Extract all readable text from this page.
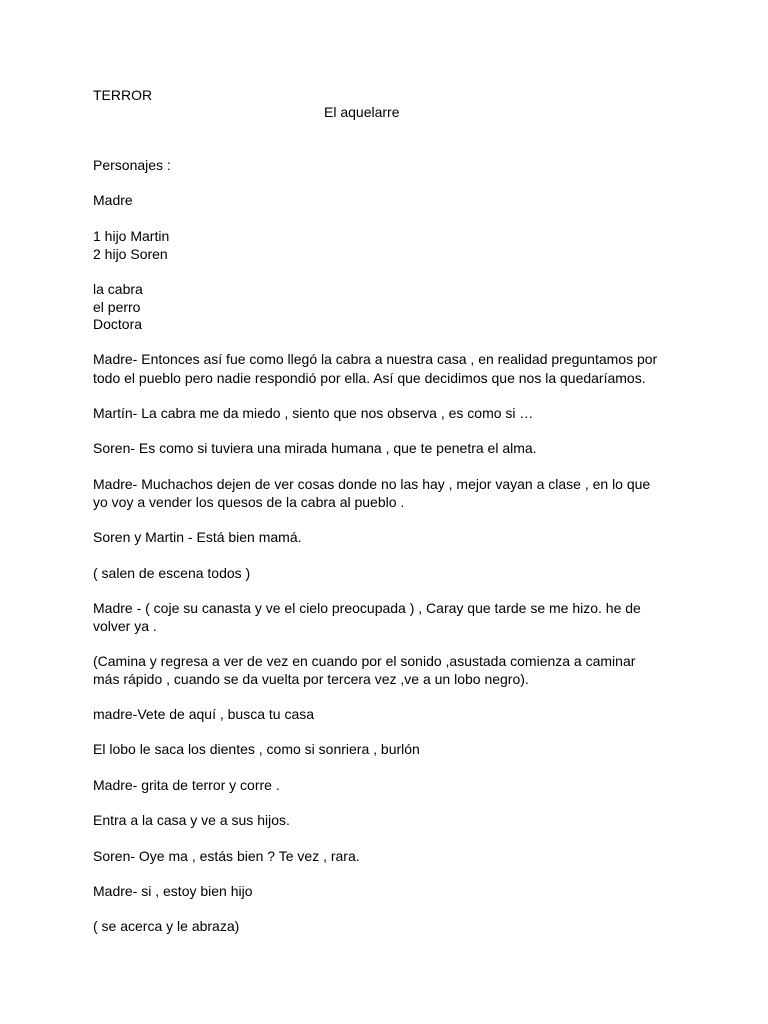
TERROR
El aquelarre
Personajes :
Madre
1 hijo Martin
2 hijo Soren
la cabra
el perro
Doctora
Madre- Entonces así fue como llegó la cabra a nuestra casa , en realidad preguntamos por
todo el pueblo pero nadie respondió por ella. Así que decidimos que nos la quedaríamos.
Martín- La cabra me da miedo , siento que nos observa , es como si …
Soren- Es como si tuviera una mirada humana , que te penetra el alma.
Madre- Muchachos dejen de ver cosas donde no las hay , mejor vayan a clase , en lo que
yo voy a vender los quesos de la cabra al pueblo .
Soren y Martin - Está bien mamá.
( salen de escena todos )
Madre - ( coje su canasta y ve el cielo preocupada ) , Caray que tarde se me hizo. he de
volver ya .
(Camina y regresa a ver de vez en cuando por el sonido ,asustada comienza a caminar
más rápido , cuando se da vuelta por tercera vez ,ve a un lobo negro).
madre-Vete de aquí , busca tu casa
El lobo le saca los dientes , como si sonriera , burlón
Madre- grita de terror y corre .
Entra a la casa y ve a sus hijos.
Soren- Oye ma , estás bien ? Te vez , rara.
Madre- si , estoy bien hijo
( se acerca y le abraza)
